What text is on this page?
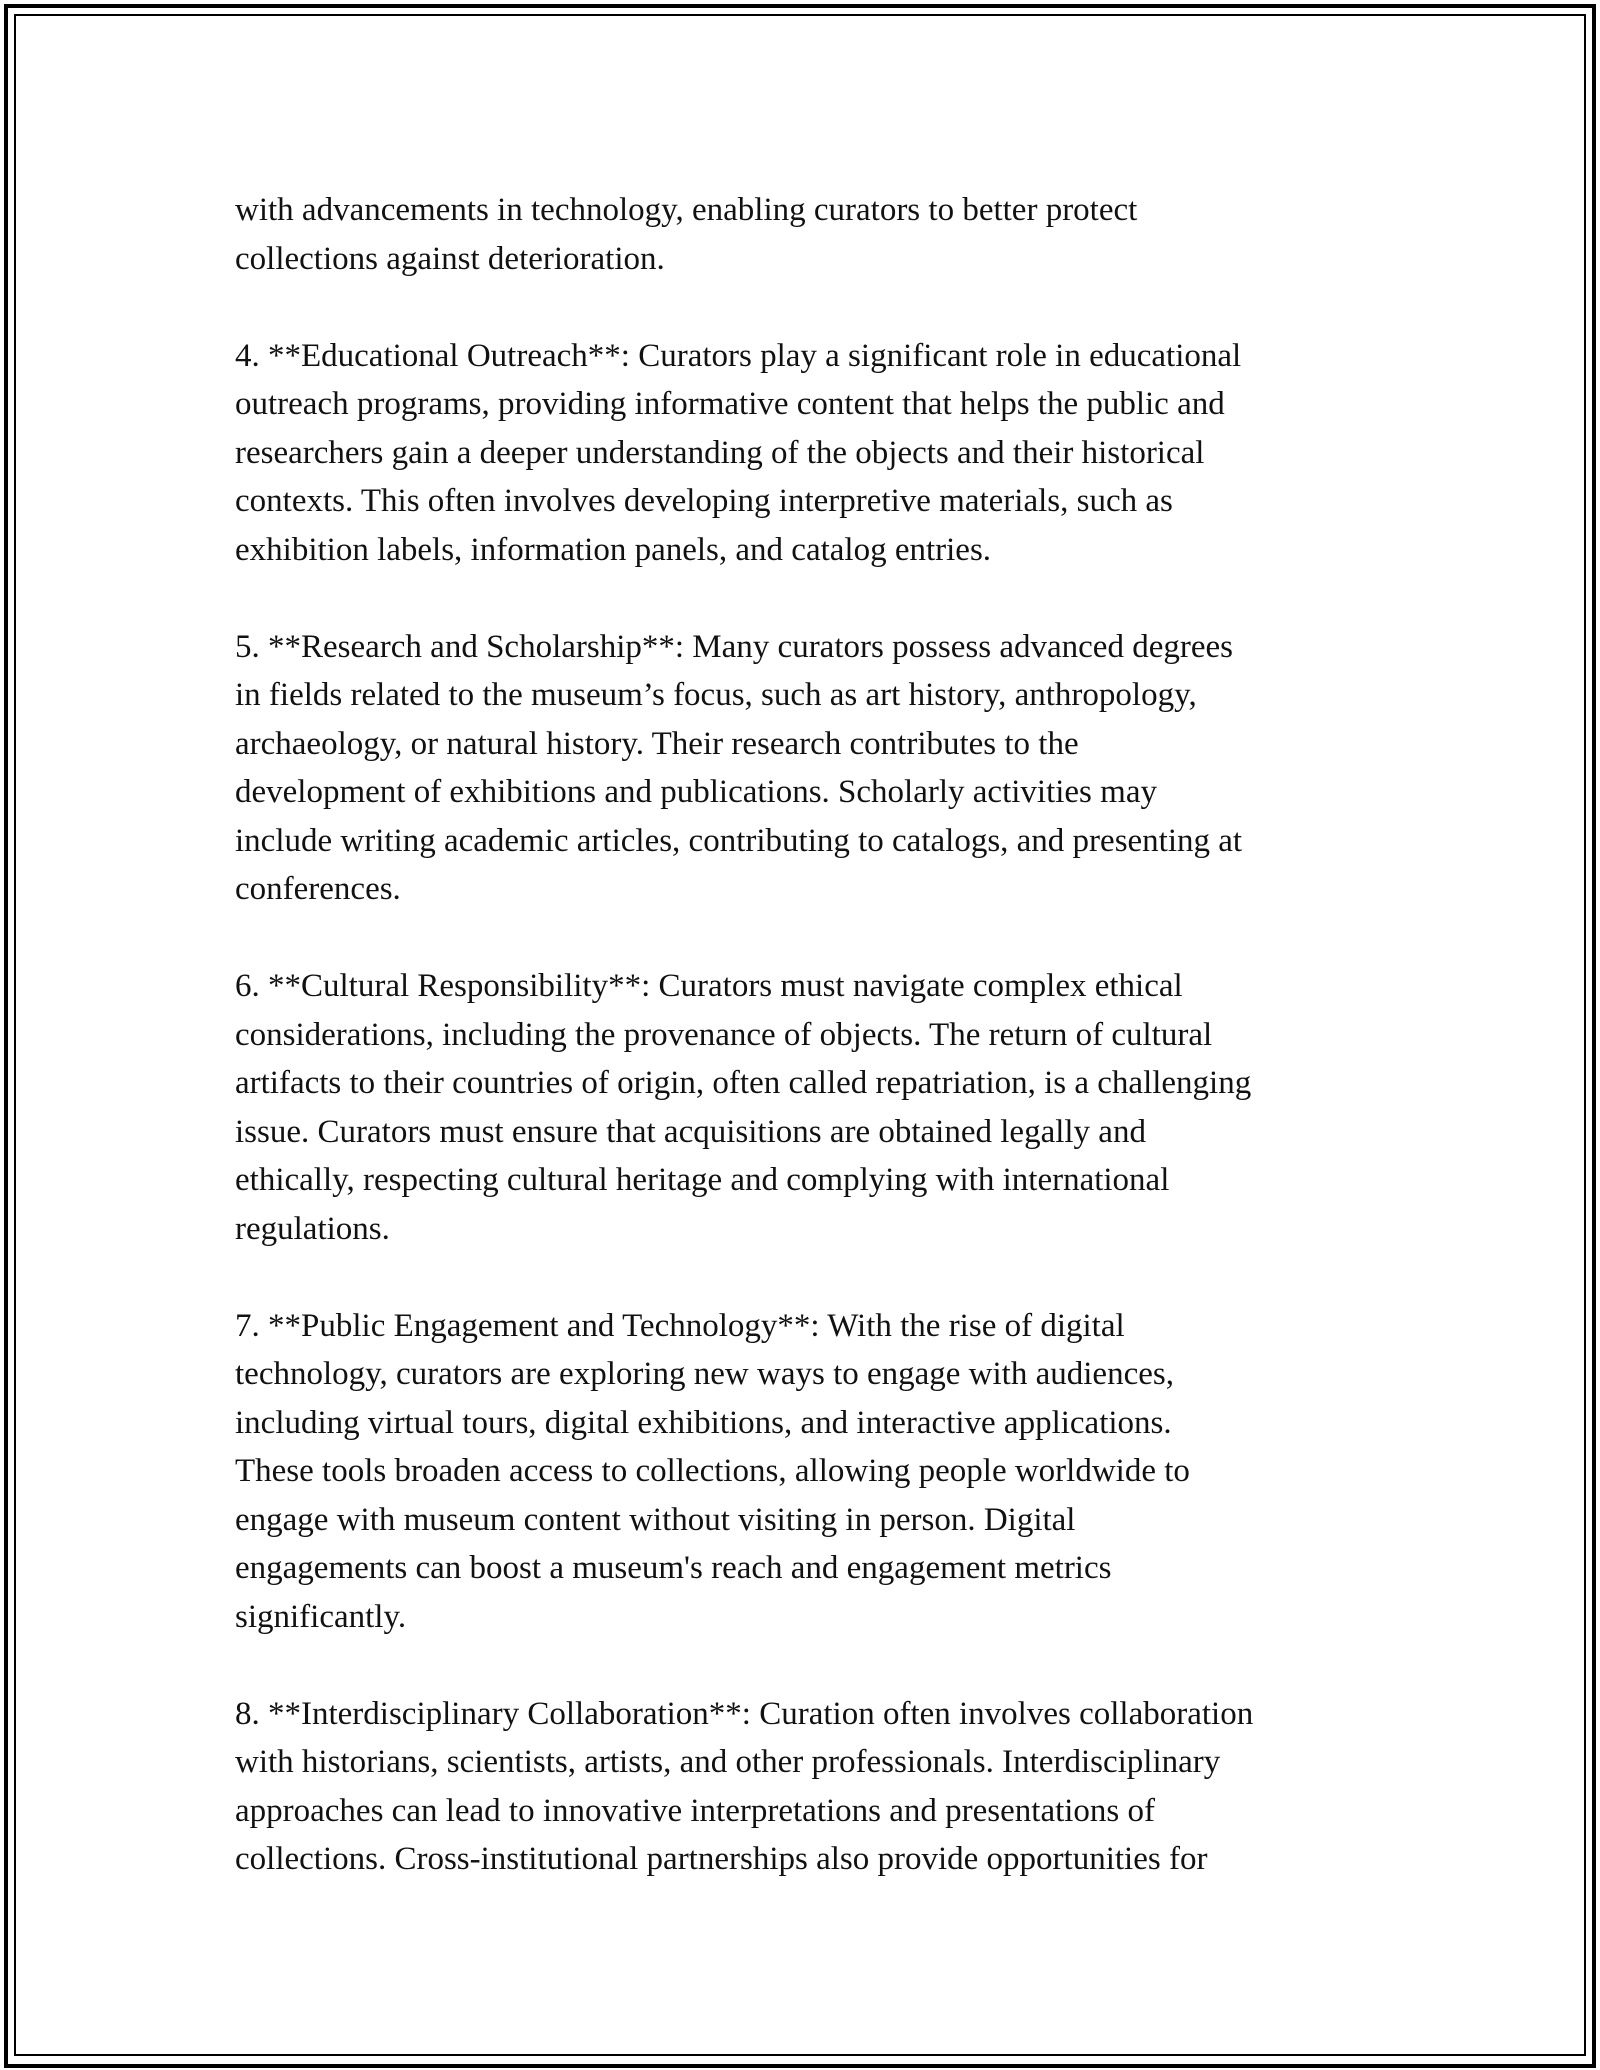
with advancements in technology, enabling curators to better protect
collections against deterioration.

4. **Educational Outreach**: Curators play a significant role in educational
outreach programs, providing informative content that helps the public and
researchers gain a deeper understanding of the objects and their historical
contexts. This often involves developing interpretive materials, such as
exhibition labels, information panels, and catalog entries.

5. **Research and Scholarship**: Many curators possess advanced degrees
in fields related to the museum’s focus, such as art history, anthropology,
archaeology, or natural history. Their research contributes to the
development of exhibitions and publications. Scholarly activities may
include writing academic articles, contributing to catalogs, and presenting at
conferences.

6. **Cultural Responsibility**: Curators must navigate complex ethical
considerations, including the provenance of objects. The return of cultural
artifacts to their countries of origin, often called repatriation, is a challenging
issue. Curators must ensure that acquisitions are obtained legally and
ethically, respecting cultural heritage and complying with international
regulations.

7. **Public Engagement and Technology**: With the rise of digital
technology, curators are exploring new ways to engage with audiences,
including virtual tours, digital exhibitions, and interactive applications.
These tools broaden access to collections, allowing people worldwide to
engage with museum content without visiting in person. Digital
engagements can boost a museum's reach and engagement metrics
significantly.

8. **Interdisciplinary Collaboration**: Curation often involves collaboration
with historians, scientists, artists, and other professionals. Interdisciplinary
approaches can lead to innovative interpretations and presentations of
collections. Cross-institutional partnerships also provide opportunities for
